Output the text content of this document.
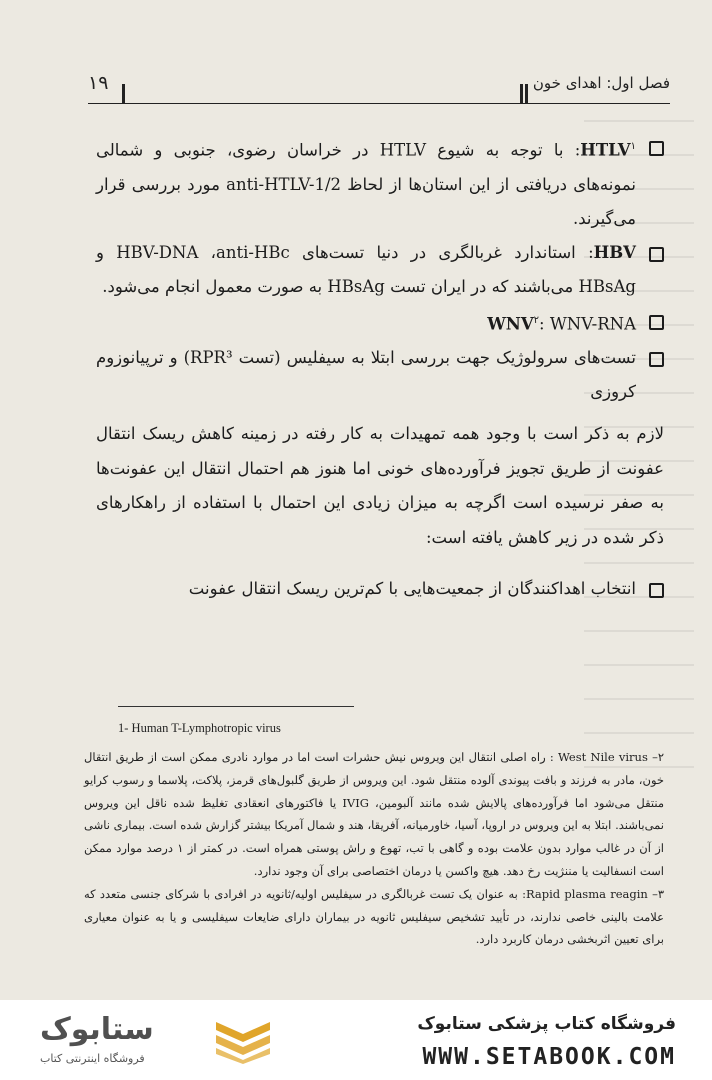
فصل اول: اهدای خون
۱۹
HTLV$^۱$: با توجه به شیوع HTLV در خراسان رضوی، جنوبی و شمالی نمونه‌های دریافتی از این استان‌ها از لحاظ anti-HTLV-1/2 مورد بررسی قرار می‌گیرند.
HBV: استاندارد غربالگری در دنیا تست‌های HBV-DNA ،anti-HBc و HBsAg می‌باشند که در ایران تست HBsAg به صورت معمول انجام می‌شود.
WNV$^۲$: WNV-RNA
تست‌های سرولوژیک جهت بررسی ابتلا به سیفلیس (تست RPR³) و ترپیانوزوم کروزی

لازم به ذکر است با وجود همه تمهیدات به کار رفته در زمینه کاهش ریسک انتقال عفونت از طریق تجویز فرآورده‌های خونی اما هنوز هم احتمال انتقال این عفونت‌ها به صفر نرسیده است اگرچه به میزان زیادی این احتمال با استفاده از راهکارهای ذکر شده در زیر کاهش یافته است:

انتخاب اهداکنندگان از جمعیت‌هایی با کم‌ترین ریسک انتقال عفونت
1- Human T-Lymphotropic virus
۲– West Nile virus : راه اصلی انتقال این ویروس نیش حشرات است اما در موارد نادری ممکن است از طریق انتقال خون، مادر به فرزند و بافت پیوندی آلوده منتقل شود. این ویروس از طریق گلبول‌های قرمز، پلاکت، پلاسما و رسوب کرایو منتقل می‌شود اما فرآورده‌های پالایش شده مانند آلبومین، IVIG یا فاکتورهای انعقادی تغلیظ شده ناقل این ویروس نمی‌باشند. ابتلا به این ویروس در اروپا، آسیا، خاورمیانه، آفریقا، هند و شمال آمریکا بیشتر گزارش شده است. بیماری ناشی از آن در غالب موارد بدون علامت بوده و گاهی با تب، تهوع و راش پوستی همراه است. در کمتر از ۱ درصد موارد ممکن است انسفالیت یا مننژیت رخ دهد. هیچ واکسن یا درمان اختصاصی برای آن وجود ندارد.
۳– Rapid plasma reagin: به عنوان یک تست غربالگری در سیفلیس اولیه/ثانویه در افرادی با شرکای جنسی متعدد که علامت بالینی خاصی ندارند، در تأیید تشخیص سیفلیس ثانویه در بیماران دارای ضایعات سیفلیسی و یا به عنوان معیاری برای تعیین اثربخشی درمان کاربرد دارد.
ستابوک
فروشگاه اینترنتی کتاب
فروشگاه کتاب پزشکی ستابوک
WWW.SETABOOK.COM
